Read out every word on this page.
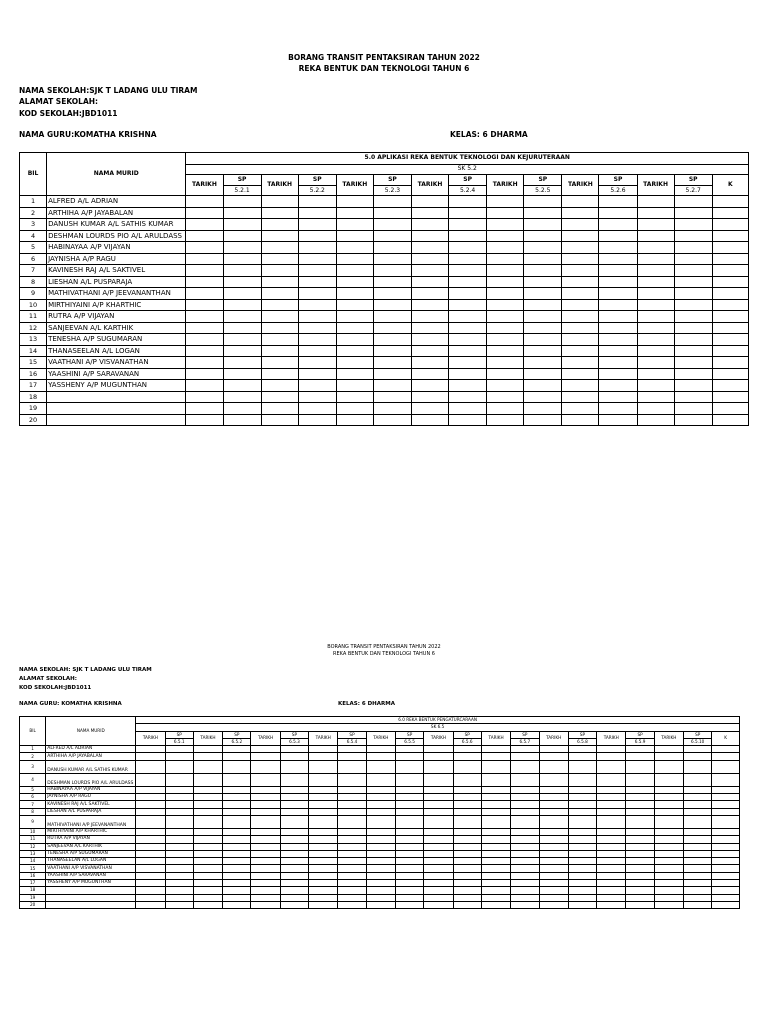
BORANG TRANSIT PENTAKSIRAN TAHUN 2022
REKA BENTUK DAN TEKNOLOGI TAHUN 6
NAMA SEKOLAH:SJK T LADANG ULU TIRAM
ALAMAT SEKOLAH:
KOD SEKOLAH:JBD1011
NAMA GURU:KOMATHA KRISHNA	KELAS: 6 DHARMA
BIL	NAMA MURID	5.0 APLIKASI REKA BENTUK TEKNOLOGI DAN KEJURUTERAAN														
		SK 5.2														
		TARIKH	SP	TARIKH	SP	TARIKH	SP	TARIKH	SP	TARIKH	SP	TARIKH	SP	TARIKH	SP	K
			5.2.1		5.2.2		5.2.3		5.2.4		5.2.5		5.2.6		5.2.7	
1	ALFRED A/L ADRIAN															
2	ARTHIHA A/P JAYABALAN															
3	DANUSH KUMAR A/L SATHIS KUMAR															
4	DESHMAN LOURDS PIO A/L ARULDASS															
5	HABINAYAA A/P VIJAYAN															
6	JAYNISHA A/P RAGU															
7	KAVINESH RAJ A/L SAKTIVEL															
8	LIESHAN A/L PUSPARAJA															
9	MATHIVATHANI A/P JEEVANANTHAN															
10	MIRTHIYAINI A/P KHARTHIC															
11	RUTRA A/P VIJAYAN															
12	SANJEEVAN A/L KARTHIK															
13	TENESHA A/P SUGUMARAN															
14	THANASEELAN A/L LOGAN															
15	VAATHANI A/P VISVANATHAN															
16	YAASHINI A/P SARAVANAN															
17	YASSHENY A/P MUGUNTHAN															
18																
19																
20																
BORANG TRANSIT PENTAKSIRAN TAHUN 2022
REKA BENTUK DAN TEKNOLOGI TAHUN 6
NAMA SEKOLAH: SJK T LADANG ULU TIRAM
ALAMAT SEKOLAH:
KOD SEKOLAH:JBD1011
NAMA GURU: KOMATHA KRISHNA	KELAS: 6 DHARMA
BIL	NAMA MURID	6.0 REKA BENTUK PENGATURCARAAN																				
		SK 6.5																				
		TARIKH	SP	TARIKH	SP	TARIKH	SP	TARIKH	SP	TARIKH	SP	TARIKH	SP	TARIKH	SP	TARIKH	SP	TARIKH	SP	TARIKH	SP	K
			6.5.1		6.5.2		6.5.3		6.5.4		6.5.5		6.5.6		6.5.7		6.5.8		6.5.9		6.5.10	
1	ALFRED A/L ADRIAN																					
2	ARTHIHA A/P JAYABALAN																					
3	DANUSH KUMAR A/L SATHIS KUMAR																					
4	DESHMAN LOURDS PIO A/L ARULDASS																					
5	HABINAYAA A/P VIJAYAN																					
6	JAYNISHA A/P RAGU																					
7	KAVINESH RAJ A/L SAKTIVEL																					
8	LIESHAN A/L PUSPARAJA																					
9	MATHIVATHANI A/P JEEVANANTHAN																					
10	MIRTHIYAINI A/P KHARTHIC																					
11	RUTRA A/P VIJAYAN																					
12	SANJEEVAN A/L KARTHIK																					
13	TENESHA A/P SUGUMARAN																					
14	THANASEELAN A/L LOGAN																					
15	VAATHANI A/P VISVANATHAN																					
16	YAASHINI A/P SARAVANAN																					
17	YASSHENY A/P MUGUNTHAN																					
18																						
19																						
20																						
